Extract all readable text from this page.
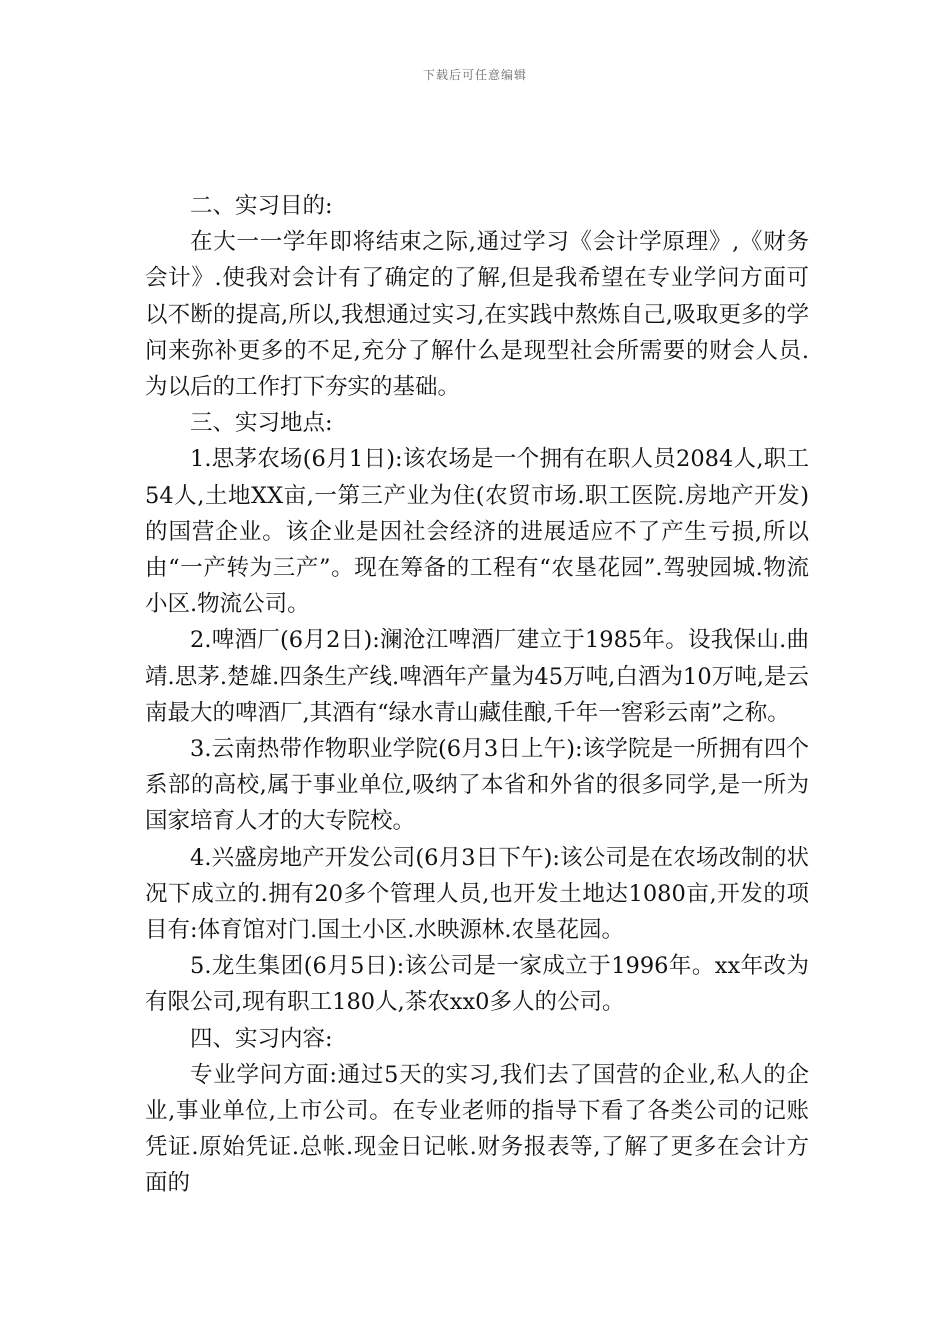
下载后可任意编辑

二、实习目的:

在大一一学年即将结束之际,通过学习《会计学原理》,《财务会计》.使我对会计有了确定的了解,但是我希望在专业学问方面可以不断的提高,所以,我想通过实习,在实践中熬炼自己,吸取更多的学问来弥补更多的不足,充分了解什么是现型社会所需要的财会人员.为以后的工作打下夯实的基础。

三、实习地点:

1.思茅农场(6月1日):该农场是一个拥有在职人员2084人,职工54人,土地XX亩,一第三产业为住(农贸市场.职工医院.房地产开发)的国营企业。该企业是因社会经济的进展适应不了产生亏损,所以由“一产转为三产”。现在筹备的工程有“农垦花园”.驾驶园城.物流小区.物流公司。

2.啤酒厂(6月2日):澜沧江啤酒厂建立于1985年。设我保山.曲靖.思茅.楚雄.四条生产线.啤酒年产量为45万吨,白酒为10万吨,是云南最大的啤酒厂,其酒有“绿水青山藏佳酿,千年一窖彩云南”之称。

3.云南热带作物职业学院(6月3日上午):该学院是一所拥有四个系部的高校,属于事业单位,吸纳了本省和外省的很多同学,是一所为国家培育人才的大专院校。

4.兴盛房地产开发公司(6月3日下午):该公司是在农场改制的状况下成立的.拥有20多个管理人员,也开发土地达1080亩,开发的项目有:体育馆对门.国土小区.水映源林.农垦花园。

5.龙生集团(6月5日):该公司是一家成立于1996年。xx年改为有限公司,现有职工180人,茶农xx0多人的公司。

四、实习内容:

专业学问方面:通过5天的实习,我们去了国营的企业,私人的企业,事业单位,上市公司。在专业老师的指导下看了各类公司的记账凭证.原始凭证.总帐.现金日记帐.财务报表等,了解了更多在会计方面的
